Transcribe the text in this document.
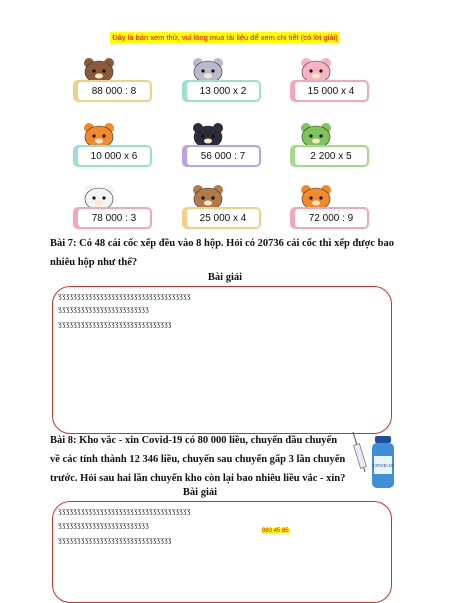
Đây là bản xem thử, vui lòng mua tài liệu để xem chi tiết (có lời giải)
88 000 : 8	13 000 x 2	15 000 x 4
10 000 x 6	56 000 : 7	2 200 x 5
78 000 : 3	25 000 x 4	72 000 : 9
Bài 7: Có 48 cái cốc xếp đều vào 8 hộp. Hỏi có 20736 cái cốc thì xếp được bao
nhiêu hộp như thế?
Bài giải
ᶾᶾᶾᶾᶾᶾᶾᶾᶾᶾᶾᶾᶾᶾᶾᶾᶾᶾᶾᶾᶾᶾᶾᶾᶾᶾᶾᶾᶾᶾᶾᶾᶾᶾᶾ
ᶾᶾᶾᶾᶾᶾᶾᶾᶾᶾᶾᶾᶾᶾᶾᶾᶾᶾᶾᶾᶾᶾᶾᶾ
ᶾᶾᶾᶾᶾᶾᶾᶾᶾᶾᶾᶾᶾᶾᶾᶾᶾᶾᶾᶾᶾᶾᶾᶾᶾᶾᶾᶾᶾᶾ
Bài 8: Kho vắc - xin Covid-19 có 80 000 liều, chuyến đầu chuyển
về các tỉnh thành 12 346 liều, chuyến sau chuyển gấp 3 lần chuyến
trước. Hỏi sau hai lần chuyển kho còn lại bao nhiêu liều vắc - xin?
COVID-19
Bài giải
ᶾᶾᶾᶾᶾᶾᶾᶾᶾᶾᶾᶾᶾᶾᶾᶾᶾᶾᶾᶾᶾᶾᶾᶾᶾᶾᶾᶾᶾᶾᶾᶾᶾᶾᶾ
ᶾᶾᶾᶾᶾᶾᶾᶾᶾᶾᶾᶾᶾᶾᶾᶾᶾᶾᶾᶾᶾᶾᶾᶾ	083 45 85
ᶾᶾᶾᶾᶾᶾᶾᶾᶾᶾᶾᶾᶾᶾᶾᶾᶾᶾᶾᶾᶾᶾᶾᶾᶾᶾᶾᶾᶾᶾ
